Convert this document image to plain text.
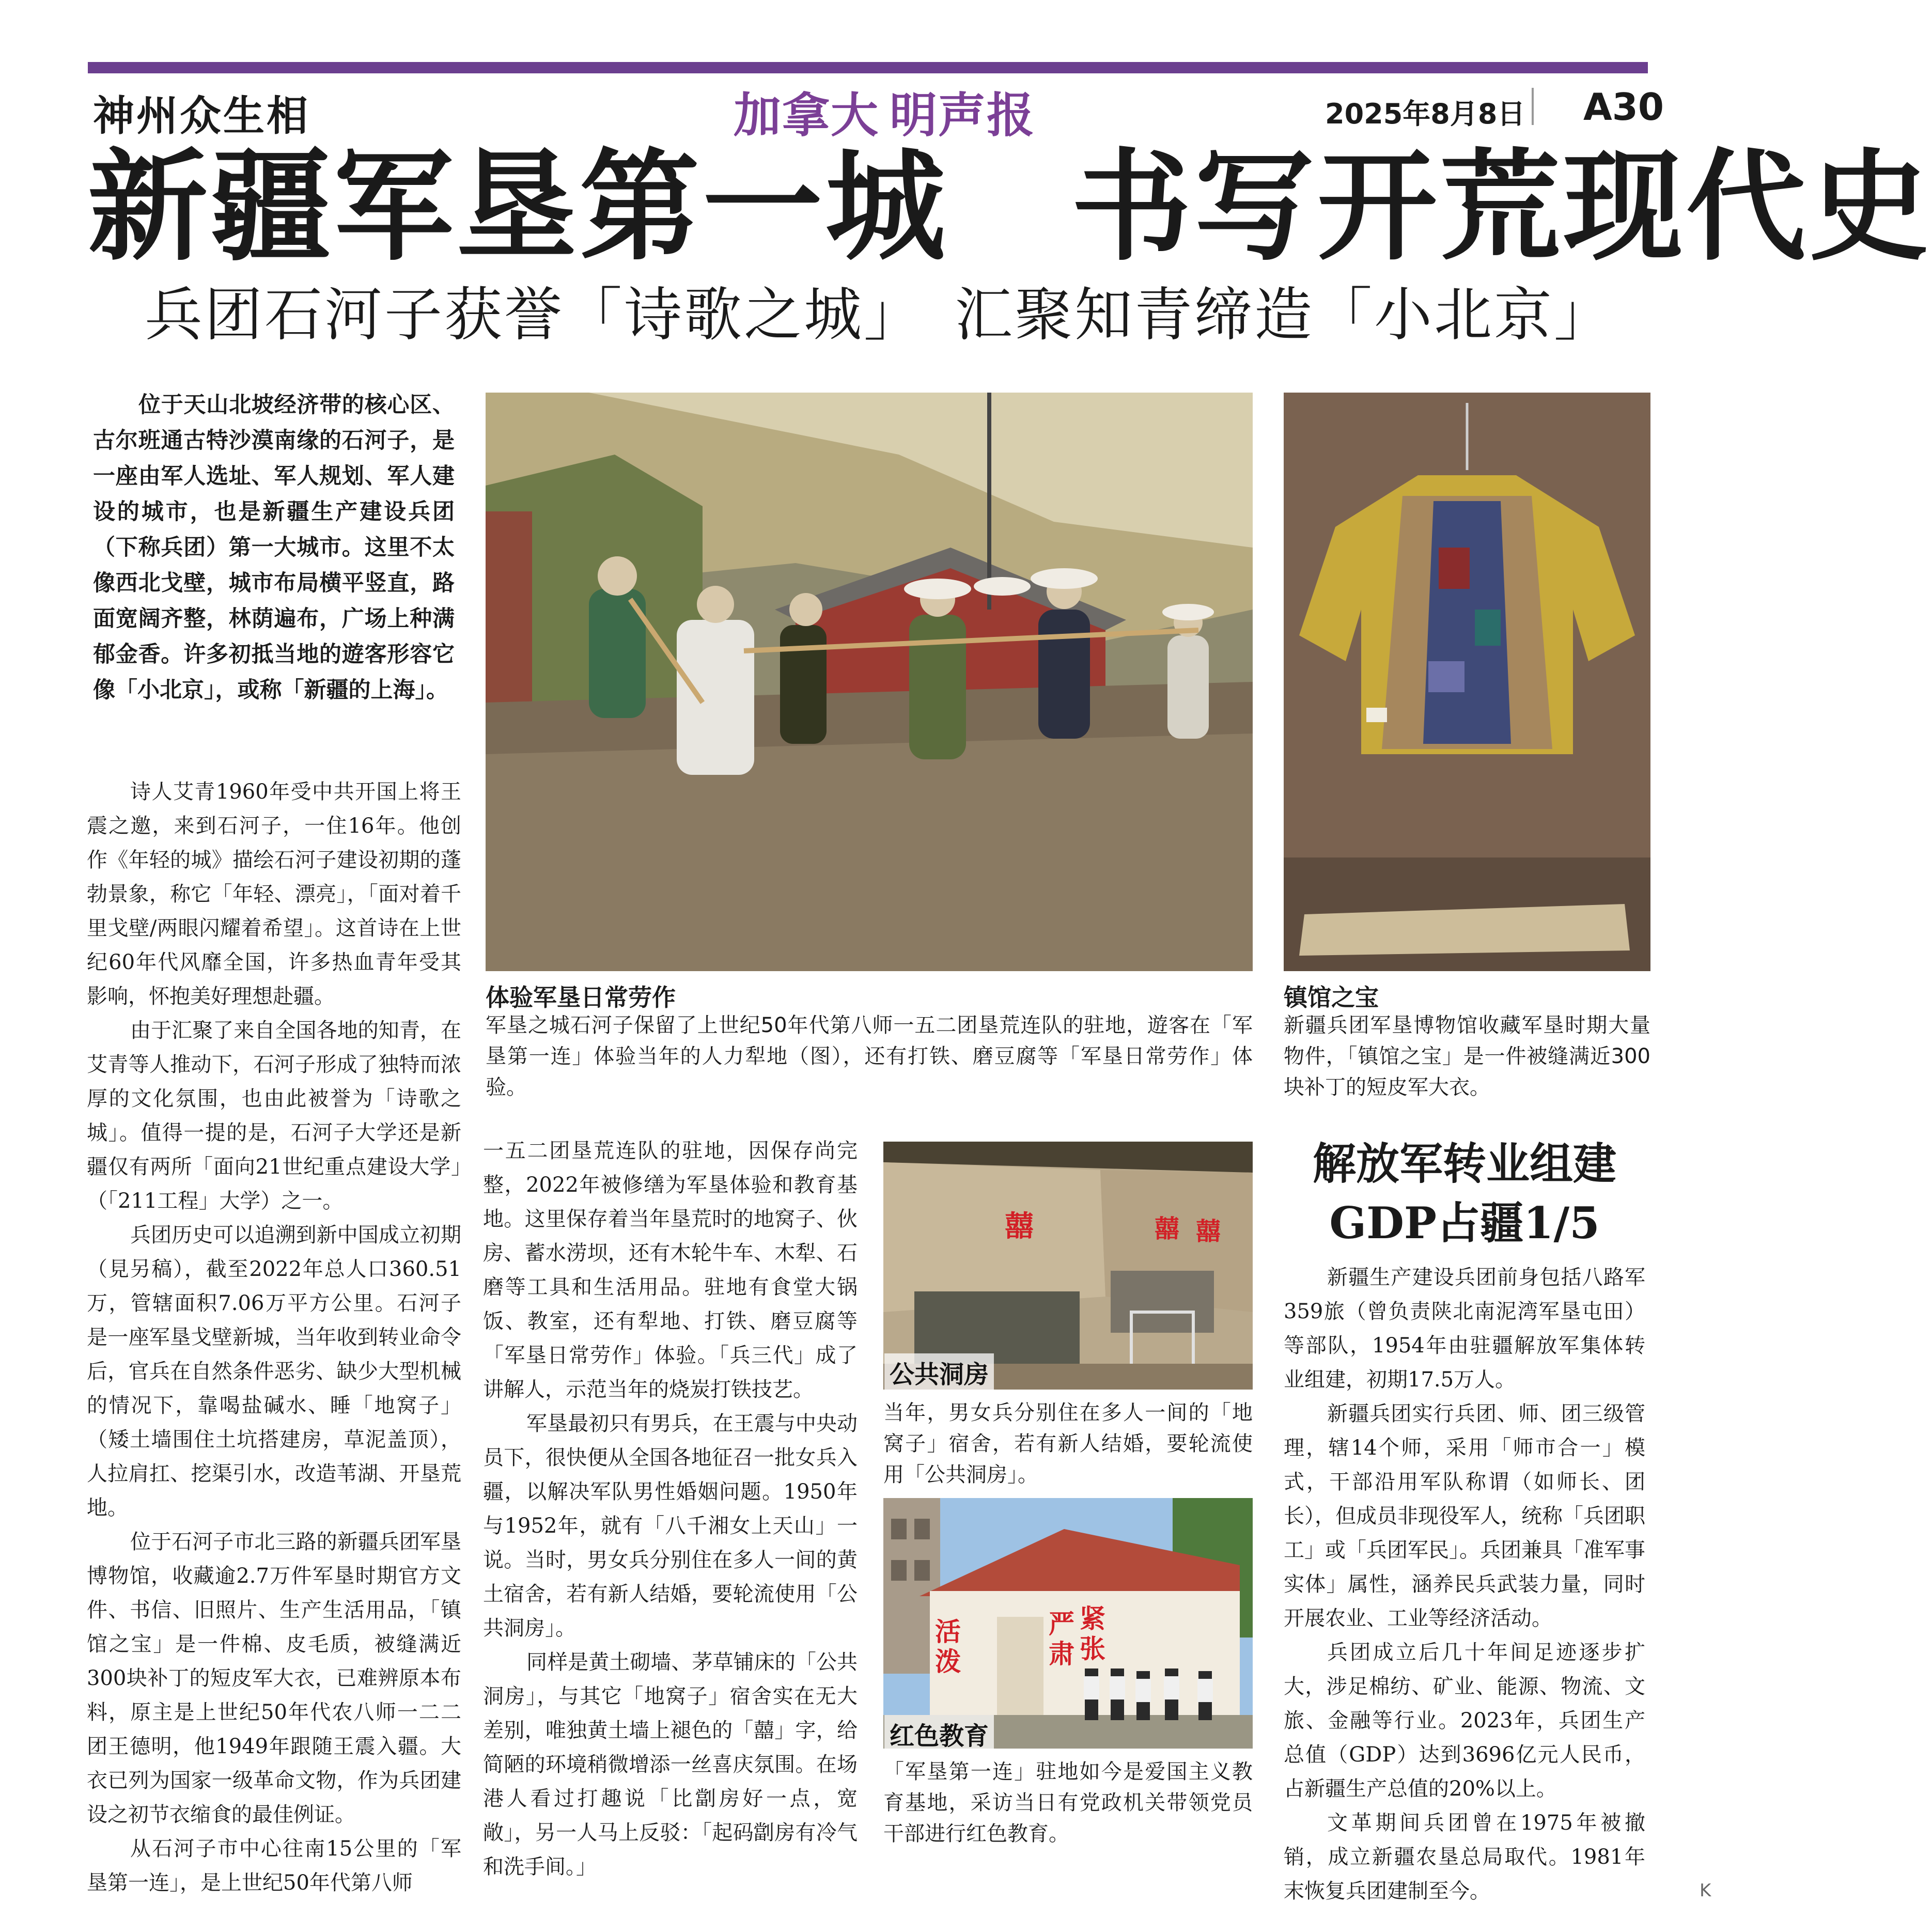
神州众生相	加拿大 明声报	2025年8月8日 A30
新疆军垦第一城　书写开荒现代史
兵团石河子获誉「诗歌之城」　汇聚知青缔造「小北京」
位于天山北坡经济带的核心区、古尔班通古特沙漠南缘的石河子，是一座由军人选址、军人规划、军人建设的城市，也是新疆生产建设兵团（下称兵团）第一大城市。这里不太像西北戈壁，城市布局横平竖直，路面宽阔齐整，林荫遍布，广场上种满郁金香。许多初抵当地的遊客形容它像「小北京」，或称「新疆的上海」。

诗人艾青1960年受中共开国上将王震之邀，来到石河子，一住16年。他创作《年轻的城》描绘石河子建设初期的蓬勃景象，称它「年轻、漂亮」，「面对着千里戈壁/两眼闪耀着希望」。这首诗在上世纪60年代风靡全国，许多热血青年受其影响，怀抱美好理想赴疆。

由于汇聚了来自全国各地的知青，在艾青等人推动下，石河子形成了独特而浓厚的文化氛围，也由此被誉为「诗歌之城」。值得一提的是，石河子大学还是新疆仅有两所「面向21世纪重点建设大学」（「211工程」大学）之一。

兵团历史可以追溯到新中国成立初期（見另稿），截至2022年总人口360.51万，管辖面积7.06万平方公里。石河子是一座军垦戈壁新城，当年收到转业命令后，官兵在自然条件恶劣、缺少大型机械的情况下，靠喝盐碱水、睡「地窝子」（矮土墙围住土坑搭建房，草泥盖顶），人拉肩扛、挖渠引水，改造苇湖、开垦荒地。

位于石河子市北三路的新疆兵团军垦博物馆，收藏逾2.7万件军垦时期官方文件、书信、旧照片、生产生活用品，「镇馆之宝」是一件棉、皮毛质，被缝满近300块补丁的短皮军大衣，已难辨原本布料，原主是上世纪50年代农八师一二二团王德明，他1949年跟随王震入疆。大衣已列为国家一级革命文物，作为兵团建设之初节衣缩食的最佳例证。

从石河子市中心往南15公里的「军垦第一连」，是上世纪50年代第八师

体验军垦日常劳作
军垦之城石河子保留了上世纪50年代第八师一五二团垦荒连队的驻地，遊客在「军垦第一连」体验当年的人力犁地（图），还有打铁、磨豆腐等「军垦日常劳作」体验。
镇馆之宝
新疆兵团军垦博物馆收藏军垦时期大量物件，「镇馆之宝」是一件被缝满近300块补丁的短皮军大衣。

一五二团垦荒连队的驻地，因保存尚完整，2022年被修缮为军垦体验和教育基地。这里保存着当年垦荒时的地窝子、伙房、蓄水涝坝，还有木轮牛车、木犁、石磨等工具和生活用品。驻地有食堂大锅饭、教室，还有犁地、打铁、磨豆腐等「军垦日常劳作」体验。「兵三代」成了讲解人，示范当年的烧炭打铁技艺。

军垦最初只有男兵，在王震与中央动员下，很快便从全国各地征召一批女兵入疆，以解决军队男性婚姻问题。1950年与1952年，就有「八千湘女上天山」一说。当时，男女兵分别住在多人一间的黄土宿舍，若有新人结婚，要轮流使用「公共洞房」。

同样是黄土砌墙、茅草铺床的「公共洞房」，与其它「地窝子」宿舍实在无大差别，唯独黄土墙上褪色的「囍」字，给简陋的环境稍微增添一丝喜庆氛围。在场港人看过打趣说「比劏房好一点，宽敞」，另一人马上反驳：「起码劏房有冷气和洗手间。」

囍	囍 囍
公共洞房
当年，男女兵分别住在多人一间的「地窝子」宿舍，若有新人结婚，要轮流使用「公共洞房」。
活泼
严肃
紧张
红色教育
「军垦第一连」驻地如今是爱国主义教育基地，采访当日有党政机关带领党员干部进行红色教育。
解放军转业组建
GDP占疆1/5

新疆生产建设兵团前身包括八路军359旅（曾负责陕北南泥湾军垦屯田）等部队，1954年由驻疆解放军集体转业组建，初期17.5万人。

新疆兵团实行兵团、师、团三级管理，辖14个师，采用「师市合一」模式，干部沿用军队称谓（如师长、团长），但成员非现役军人，统称「兵团职工」或「兵团军民」。兵团兼具「准军事实体」属性，涵养民兵武装力量，同时开展农业、工业等经济活动。

兵团成立后几十年间足迹逐步扩大，涉足棉纺、矿业、能源、物流、文旅、金融等行业。2023年，兵团生产总值（GDP）达到3696亿元人民币，占新疆生产总值的20%以上。

文革期间兵团曾在1975年被撤销，成立新疆农垦总局取代。1981年末恢复兵团建制至今。	K
